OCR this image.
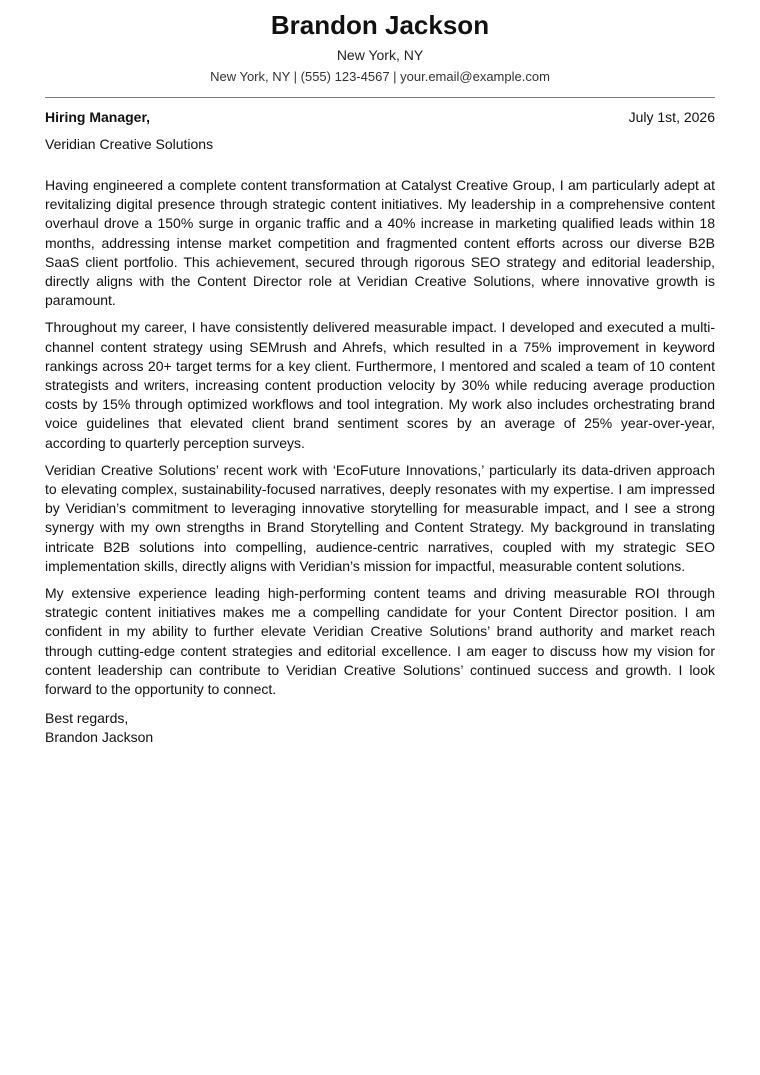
Brandon Jackson
New York, NY
New York, NY | (555) 123-4567 | your.email@example.com
Hiring Manager,	July 1st, 2026
Veridian Creative Solutions

Having engineered a complete content transformation at Catalyst Creative Group, I am particularly adept at revitalizing digital presence through strategic content initiatives. My leadership in a comprehensive content overhaul drove a 150% surge in organic traffic and a 40% increase in marketing qualified leads within 18 months, addressing intense market competition and fragmented content efforts across our diverse B2B SaaS client portfolio. This achievement, secured through rigorous SEO strategy and editorial leadership, directly aligns with the Content Director role at Veridian Creative Solutions, where innovative growth is paramount.

Throughout my career, I have consistently delivered measurable impact. I developed and executed a multi-channel content strategy using SEMrush and Ahrefs, which resulted in a 75% improvement in keyword rankings across 20+ target terms for a key client. Furthermore, I mentored and scaled a team of 10 content strategists and writers, increasing content production velocity by 30% while reducing average production costs by 15% through optimized workflows and tool integration. My work also includes orchestrating brand voice guidelines that elevated client brand sentiment scores by an average of 25% year-over-year, according to quarterly perception surveys.

Veridian Creative Solutions’ recent work with ‘EcoFuture Innovations,’ particularly its data-driven approach to elevating complex, sustainability-focused narratives, deeply resonates with my expertise. I am impressed by Veridian’s commitment to leveraging innovative storytelling for measurable impact, and I see a strong synergy with my own strengths in Brand Storytelling and Content Strategy. My background in translating intricate B2B solutions into compelling, audience-centric narratives, coupled with my strategic SEO implementation skills, directly aligns with Veridian’s mission for impactful, measurable content solutions.

My extensive experience leading high-performing content teams and driving measurable ROI through strategic content initiatives makes me a compelling candidate for your Content Director position. I am confident in my ability to further elevate Veridian Creative Solutions’ brand authority and market reach through cutting-edge content strategies and editorial excellence. I am eager to discuss how my vision for content leadership can contribute to Veridian Creative Solutions’ continued success and growth. I look forward to the opportunity to connect.

Best regards,
Brandon Jackson
